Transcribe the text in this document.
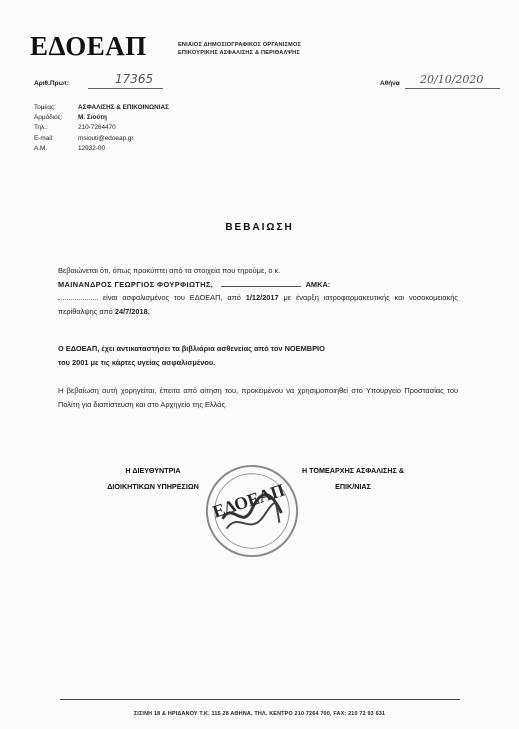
ΕΔΟΕΑΠ	ΕΝΙΑΙΟΣ ΔΗΜΟΣΙΟΓΡΑΦΙΚΟΣ ΟΡΓΑΝΙΣΜΟΣ
ΕΠΙΚΟΥΡΙΚΗΣ ΑΣΦΑΛΙΣΗΣ & ΠΕΡΙΘΑΛΨΗΣ
Αριθ.Πρωτ:	17365	Αθήνα 20/10/2020
Τομέας:	ΑΣΦΑΛΙΣΗΣ & ΕΠΙΚΟΙΝΩΝΙΑΣ
Αρμόδιος:	Μ. Σιούτη
Τηλ.:	210-7264470
E-mail:	msiouti@edoeap.gr
Α.Μ.	12932-00
ΒΕΒΑΙΩΣΗ
Βεβαιώνεται ότι, όπως προκύπτει από τα στοιχεία που τηρούμε, ο κ.
ΜΑΙΝΑΝΔΡΟΣ ΓΕΩΡΓΙΟΣ ΦΟΥΡΦΙΩΤΗΣ,	ΑΜΚΑ:
είναι ασφαλισμένος του ΕΔΟΕΑΠ, από 1/12/2017 με έναρξη ιατροφαρμακευτικής και νοσοκομειακής περίθαλψης από 24/7/2018.
Ο ΕΔΟΕΑΠ, έχει αντικαταστήσει τα βιβλιάρια ασθενείας από τον ΝΟΕΜΒΡΙΟ
του 2001 με τις κάρτες υγείας ασφαλισμένου.
Η βεβαίωση αυτή χορηγείται, έπειτα από αίτηση του, προκειμένου να χρησιμοποιηθεί στο Υπουργείο Προστασίας του Πολίτη για διαπίστευση και στο Αρχηγείο της Ελλάς.
Η ΔΙΕΥΘΥΝΤΡΙΑ
ΔΙΟΙΚΗΤΙΚΩΝ ΥΠΗΡΕΣΙΩΝ ΕΔΟΕΑΠ
Η ΤΟΜΕΑΡΧΗΣ ΑΣΦΑΛΙΣΗΣ &
ΕΠΙΚ/ΝΙΑΣ
ΣΙΣΙΝΗ 18 & ΗΡΙΔΑΝΟΥ Τ.Κ. 115 28 ΑΘΗΝΑ, ΤΗΛ. ΚΕΝΤΡΟ 210 7264 700, FAX: 210 72 93 631
